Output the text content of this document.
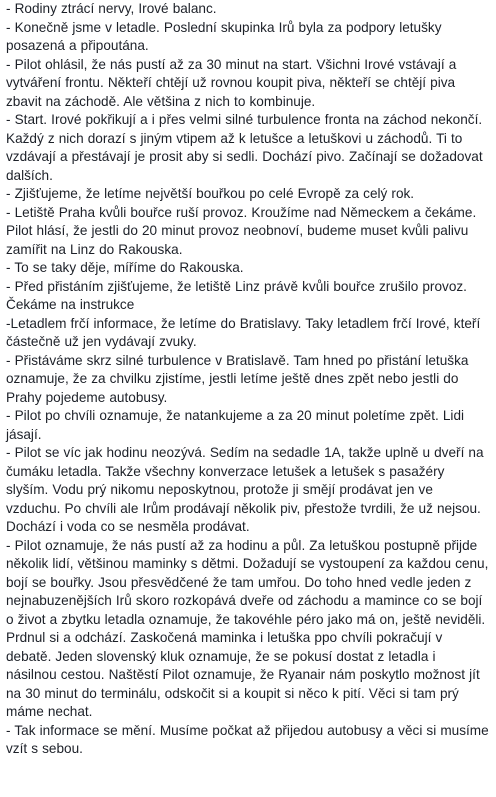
- Rodiny ztrácí nervy, Irové balanc.

- Konečně jsme v letadle. Poslední skupinka Irů byla za podpory letušky posazená a připoutána.

- Pilot ohlásil, že nás pustí až za 30 minut na start. Všichni Irové vstávají a vytváření frontu. Někteří chtějí už rovnou koupit piva, někteří se chtějí piva zbavit na záchodě. Ale většina z nich to kombinuje.

- Start. Irové pokřikují a i přes velmi silné turbulence fronta na záchod nekončí. Každý z nich dorazí s jiným vtipem až k letušce a letuškovi u záchodů. Ti to vzdávají a přestávají je prosit aby si sedli. Dochází pivo. Začínají se dožadovat dalších.

- Zjišťujeme, že letíme největší bouřkou po celé Evropě za celý rok.

- Letiště Praha kvůli bouřce ruší provoz. Kroužíme nad Německem a čekáme. Pilot hlásí, že jestli do 20 minut provoz neobnoví, budeme muset kvůli palivu zamířit na Linz do Rakouska.

- To se taky děje, míříme do Rakouska.

- Před přistáním zjišťujeme, že letiště Linz právě kvůli bouřce zrušilo provoz. Čekáme na instrukce

-Letadlem frčí informace, že letíme do Bratislavy. Taky letadlem frčí Irové, kteří částečně už jen vydávají zvuky.

- Přistáváme skrz silné turbulence v Bratislavě. Tam hned po přistání letuška oznamuje, že za chvilku zjistíme, jestli letíme ještě dnes zpět nebo jestli do Prahy pojedeme autobusy.

- Pilot po chvíli oznamuje, že natankujeme a za 20 minut poletíme zpět. Lidi jásají.

- Pilot se víc jak hodinu neozývá. Sedím na sedadle 1A, takže uplně u dveří na čumáku letadla. Takže všechny konverzace letušek a letušek s pasažéry slyším. Vodu prý nikomu neposkytnou, protože ji smějí prodávat jen ve vzduchu. Po chvíli ale Irům prodávají několik piv, přestože tvrdili, že už nejsou. Dochází i voda co se nesměla prodávat.

- Pilot oznamuje, že nás pustí až za hodinu a půl. Za letuškou postupně přijde několik lidí, většinou maminky s dětmi. Dožadují se vystoupení za každou cenu, bojí se bouřky. Jsou přesvědčené že tam umřou. Do toho hned vedle jeden z nejnabuzenějších Irů skoro rozkopává dveře od záchodu a mamince co se bojí o život a zbytku letadla oznamuje, že takovéhle péro jako má on, ještě neviděli. Prdnul si a odchází. Zaskočená maminka i letuška ppo chvíli pokračují v debatě. Jeden slovenský kluk oznamuje, že se pokusí dostat z letadla i násilnou cestou. Naštěstí Pilot oznamuje, že Ryanair nám poskytlo možnost jít na 30 minut do terminálu, odskočit si a koupit si něco k pití. Věci si tam prý máme nechat.

- Tak informace se mění. Musíme počkat až přijedou autobusy a věci si musíme vzít s sebou.
